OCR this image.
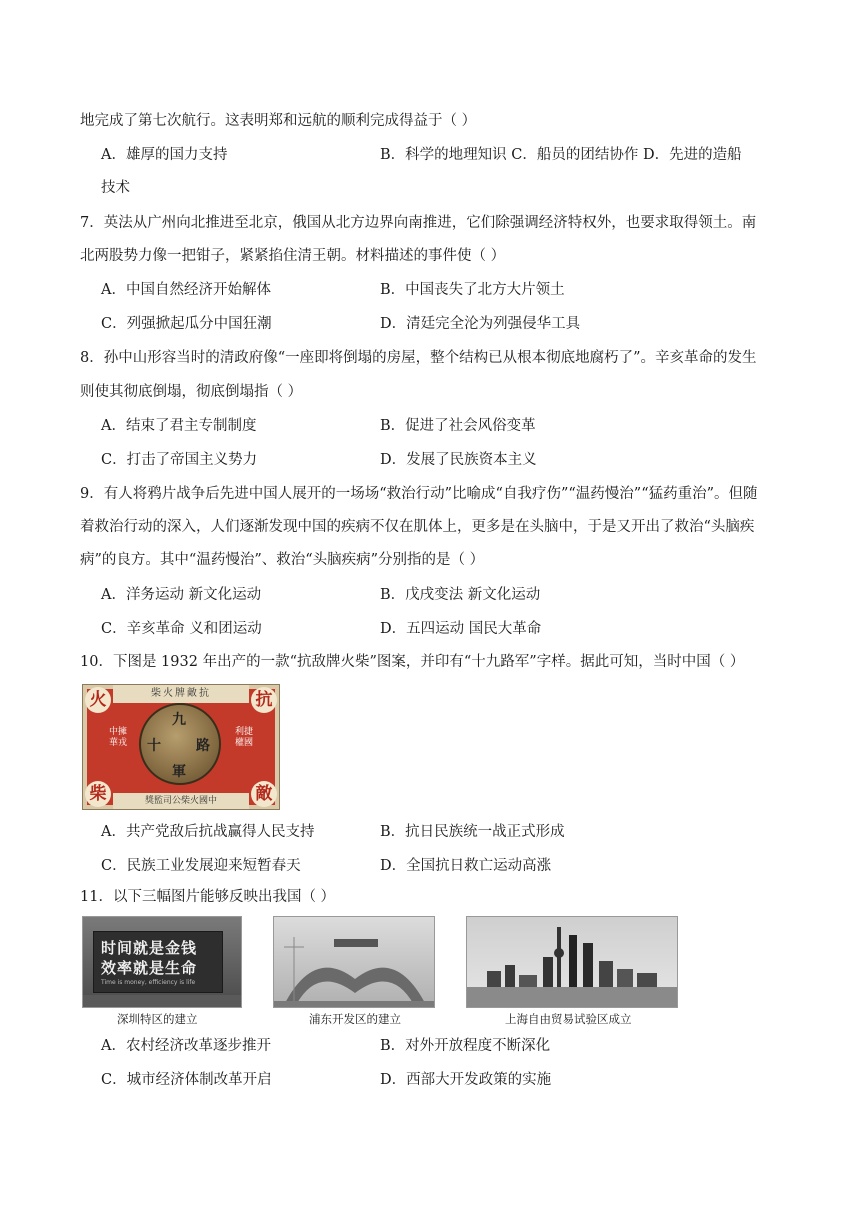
地完成了第七次航行。这表明郑和远航的顺利完成得益于（ ）
A．雄厚的国力支持	B．科学的地理知识 C．船员的团结协作 D．先进的造船
技术
7．英法从广州向北推进至北京，俄国从北方边界向南推进，它们除强调经济特权外，也要求取得领土。南
北两股势力像一把钳子，紧紧掐住清王朝。材料描述的事件使（ ）
A．中国自然经济开始解体	B．中国丧失了北方大片领土
C．列强掀起瓜分中国狂潮	D．清廷完全沦为列强侵华工具
8．孙中山形容当时的清政府像“一座即将倒塌的房屋，整个结构已从根本彻底地腐朽了”。辛亥革命的发生
则使其彻底倒塌，彻底倒塌指（ ）
A．结束了君主专制制度	B．促进了社会风俗变革
C．打击了帝国主义势力	D．发展了民族资本主义
9．有人将鸦片战争后先进中国人展开的一场场“救治行动”比喻成“自我疗伤”“温药慢治”“猛药重治”。但随
着救治行动的深入，人们逐渐发现中国的疾病不仅在肌体上，更多是在头脑中，于是又开出了救治“头脑疾
病”的良方。其中“温药慢治”、救治“头脑疾病”分别指的是（ ）
A．洋务运动 新文化运动	B．戊戌变法 新文化运动
C．辛亥革命 义和团运动	D．五四运动 国民大革命
10．下图是 1932 年出产的一款“抗敌牌火柴”图案，并印有“十九路军”字样。据此可知，当时中国（ ）
柴火牌敵抗
獎監司公柴火國中
火	抗
柴	敵
中擁華戎
利捷權國
九
十	路
軍
A．共产党敌后抗战赢得人民支持	B．抗日民族统一战正式形成
C．民族工业发展迎来短暂春天	D．全国抗日救亡运动高涨
11．以下三幅图片能够反映出我国（ ）
时间就是金钱
效率就是生命
Time is money, efficiency is life
深圳特区的建立	浦东开发区的建立	上海自由贸易试验区成立
A．农村经济改革逐步推开	B．对外开放程度不断深化
C．城市经济体制改革开启	D．西部大开发政策的实施
